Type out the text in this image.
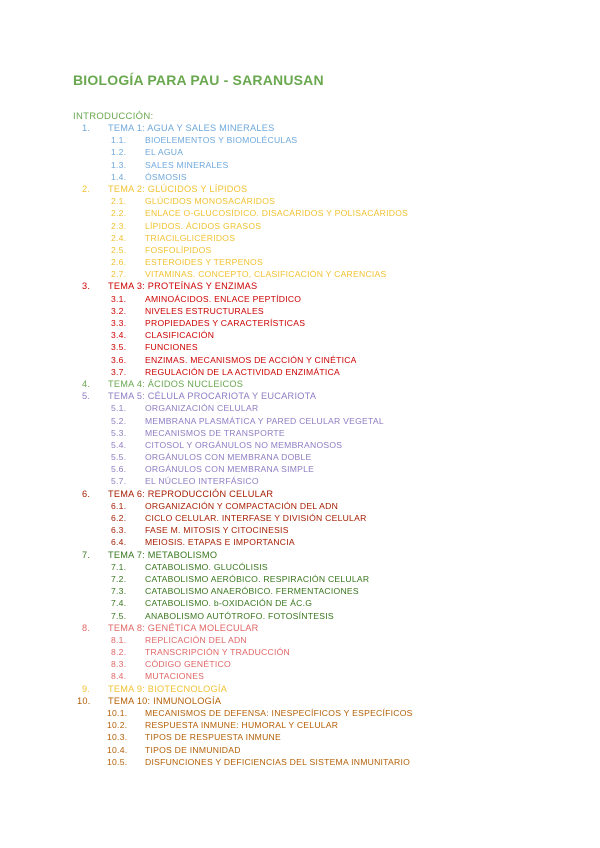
BIOLOGÍA PARA PAU - SARANUSAN
INTRODUCCIÓN:
1. TEMA 1: AGUA Y SALES MINERALES
1.1. BIOELEMENTOS Y BIOMOLÉCULAS
1.2. EL AGUA
1.3. SALES MINERALES
1.4. ÓSMOSIS
2. TEMA 2: GLÚCIDOS Y LÍPIDOS
2.1. GLÚCIDOS MONOSACÁRIDOS
2.2. ENLACE O-GLUCOSÍDICO. DISACÁRIDOS Y POLISACÁRIDOS
2.3. LÍPIDOS. ÁCIDOS GRASOS
2.4. TRIACILGLICÉRIDOS
2.5. FOSFOLÍPIDOS
2.6. ESTEROIDES Y TERPENOS
2.7. VITAMINAS. CONCEPTO, CLASIFICACIÓN Y CARENCIAS
3. TEMA 3: PROTEÍNAS Y ENZIMAS
3.1. AMINOÁCIDOS. ENLACE PEPTÍDICO
3.2. NIVELES ESTRUCTURALES
3.3. PROPIEDADES Y CARACTERÍSTICAS
3.4. CLASIFICACIÓN
3.5. FUNCIONES
3.6. ENZIMAS. MECANISMOS DE ACCIÓN Y CINÉTICA
3.7. REGULACIÓN DE LA ACTIVIDAD ENZIMÁTICA
4. TEMA 4: ÁCIDOS NUCLEICOS
5. TEMA 5: CÉLULA PROCARIOTA Y EUCARIOTA
5.1. ORGANIZACIÓN CELULAR
5.2. MEMBRANA PLASMÁTICA Y PARED CELULAR VEGETAL
5.3. MECANISMOS DE TRANSPORTE
5.4. CITOSOL Y ORGÁNULOS NO MEMBRANOSOS
5.5. ORGÁNULOS CON MEMBRANA DOBLE
5.6. ORGÁNULOS CON MEMBRANA SIMPLE
5.7. EL NÚCLEO INTERFÁSICO
6. TEMA 6: REPRODUCCIÓN CELULAR
6.1. ORGANIZACIÓN Y COMPACTACIÓN DEL ADN
6.2. CICLO CELULAR. INTERFASE Y DIVISIÓN CELULAR
6.3. FASE M. MITOSIS Y CITOCINESIS
6.4. MEIOSIS. ETAPAS E IMPORTANCIA
7. TEMA 7: METABOLISMO
7.1. CATABOLISMO. GLUCÓLISIS
7.2. CATABOLISMO AERÓBICO. RESPIRACIÓN CELULAR
7.3. CATABOLISMO ANAERÓBICO. FERMENTACIONES
7.4. CATABOLISMO. b-OXIDACIÓN DE ÁC.G
7.5. ANABOLISMO AUTÓTROFO. FOTOSÍNTESIS
8. TEMA 8: GENÉTICA MOLECULAR
8.1. REPLICACIÓN DEL ADN
8.2. TRANSCRIPCIÓN Y TRADUCCIÓN
8.3. CÓDIGO GENÉTICO
8.4. MUTACIONES
9. TEMA 9: BIOTECNOLOGÍA
10. TEMA 10: INMUNOLOGÍA
10.1. MECANISMOS DE DEFENSA: INESPECÍFICOS Y ESPECÍFICOS
10.2. RESPUESTA INMUNE: HUMORAL Y CELULAR
10.3. TIPOS DE RESPUESTA INMUNE
10.4. TIPOS DE INMUNIDAD
10.5. DISFUNCIONES Y DEFICIENCIAS DEL SISTEMA INMUNITARIO
